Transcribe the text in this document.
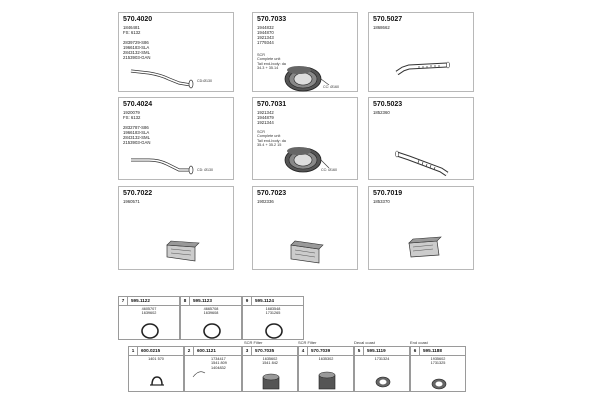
570.4020
1846481
FS: 6132

2839729-S86
1966183-SLA
2843132-SML
2153903-GAN
CD:Ø130
570.7033
1944832
1944870
1921343
1779344
SCR
Complete unit
Tail end-body: da
34.3 + 35.14
CC: Ø160
570.5027
1868662
570.4024
1920079
FS: 6132

2832787-S86
1966183-SLA
2843132-SML
2153903-GAN
CD: Ø130
570.7031
1921342
1944879
1921344
SCR
Complete unit
Tail end-body: da
35.4 + 35.2 15
CC: Ø160
570.5023
1852360
570.7022
1960571
570.7023
1902336
570.7019
1853370
7 595.1122
4605707
1639602
8 595.1123
4665708
1639608
9 595.1124
1683548
1731265
SCR Filter	SCR Filter	Decal coast	End coast
1 600.0215
1401 570
2 600.1121
1734417
1541 809
1404832
3 570.7035
1635602
1541 842
4 570.7039
1635302
5 595.1119
1731324
6 595.1188
1935602
1731325
